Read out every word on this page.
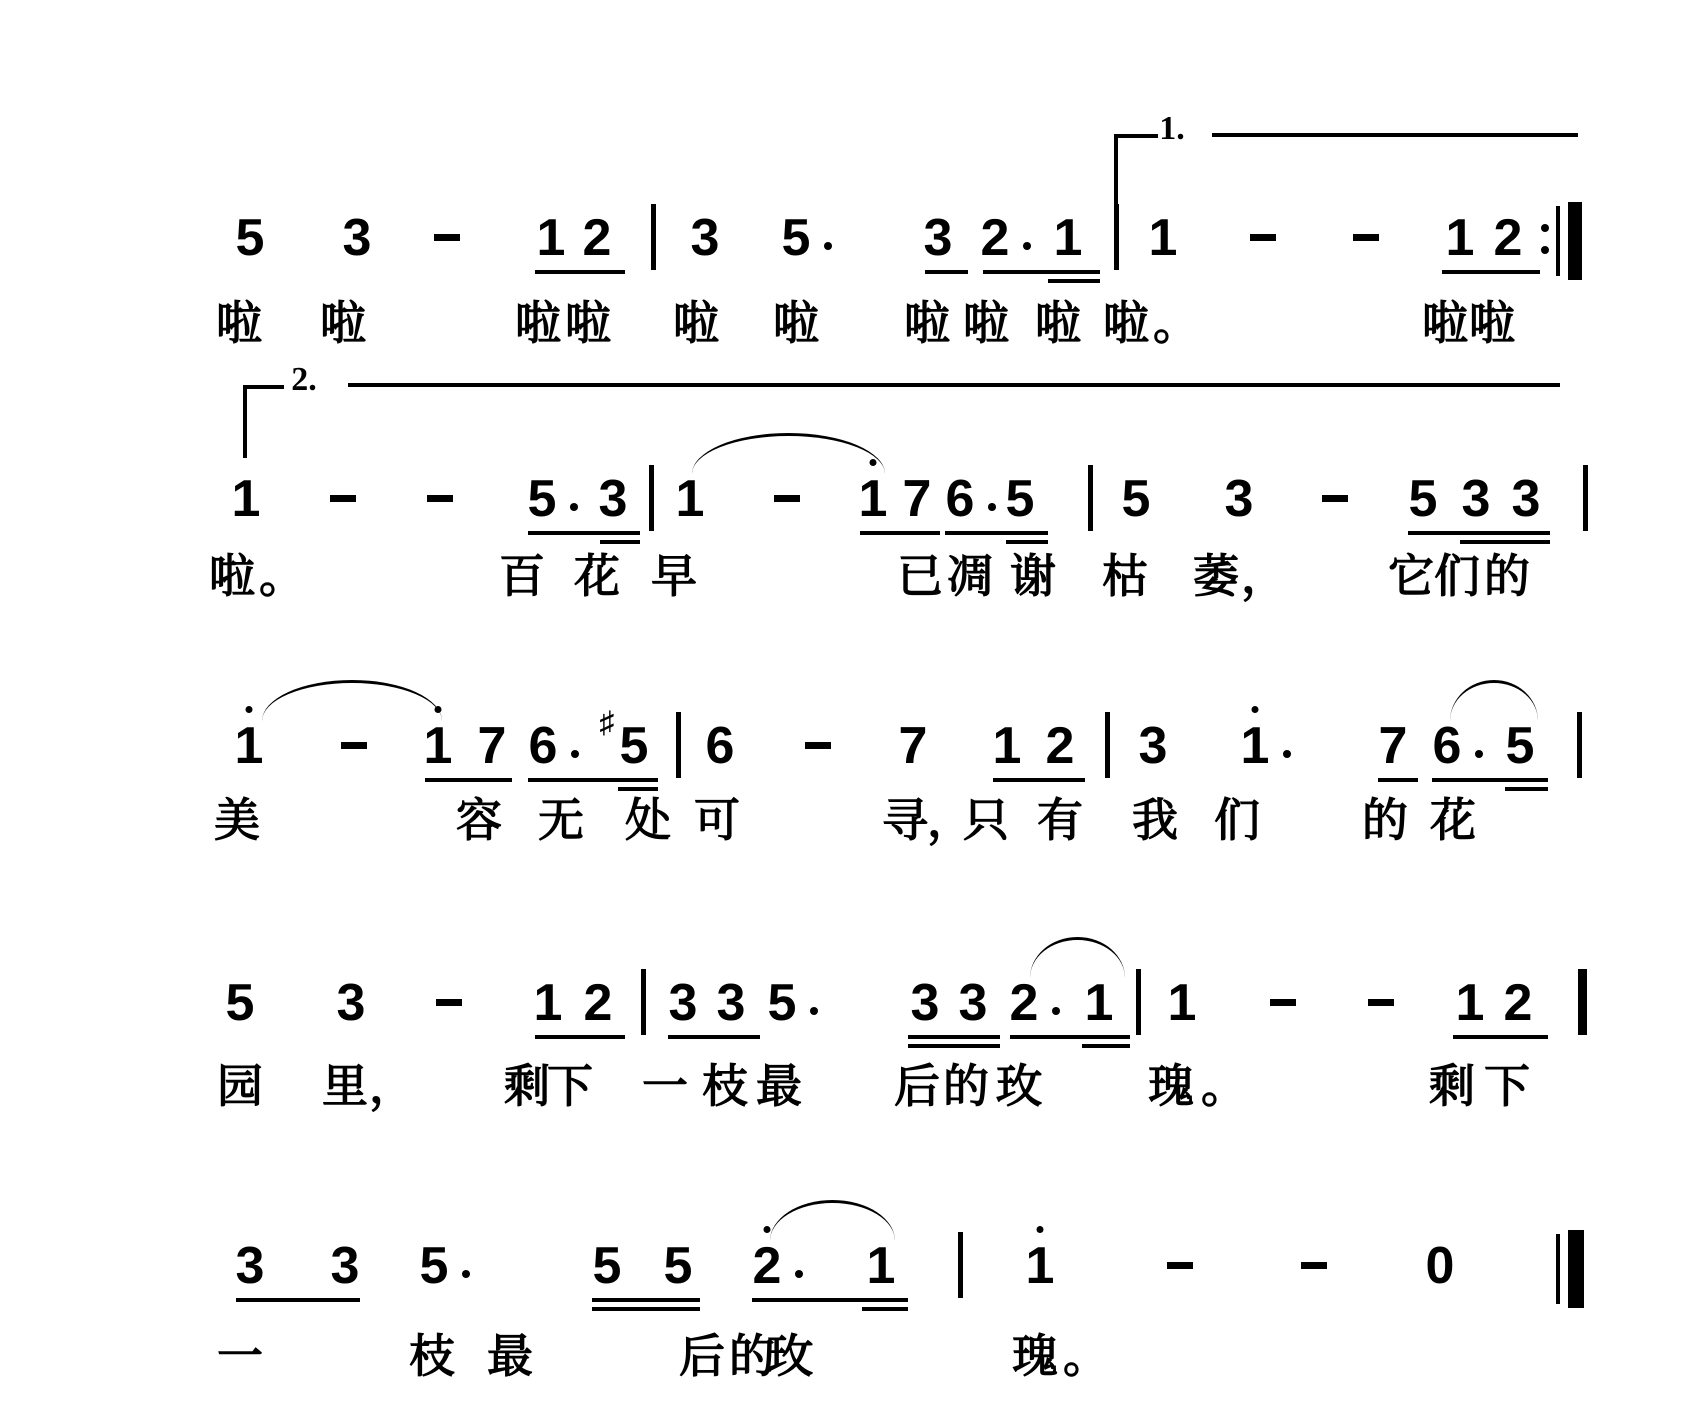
1.
5 3	1 2 3 5 3 2 1 1	1 2
啦 啦	啦 啦 啦 啦 啦 啦 啦 啦 。	啦 啦
2.
1	5 3 1	1 7 6 5 5 3	5 3 3
啦 。	百 花 早	已 凋 谢 枯 萎 ， 它 们 的
1	1 7 6 5
♯ 6	7 1 2 3 1 7 6 5
美	容 无 处 可	寻 ，
只 有 我 们 的 花
5 3	1 2 3 3 5 3 3 2 1 1	1 2
园 里 ， 剩
下 一 枝 最 后 的 玫 瑰 。	剩 下
3 3 5	5 5 2 1	1	0
一	枝 最	后 的
玫	瑰 。
